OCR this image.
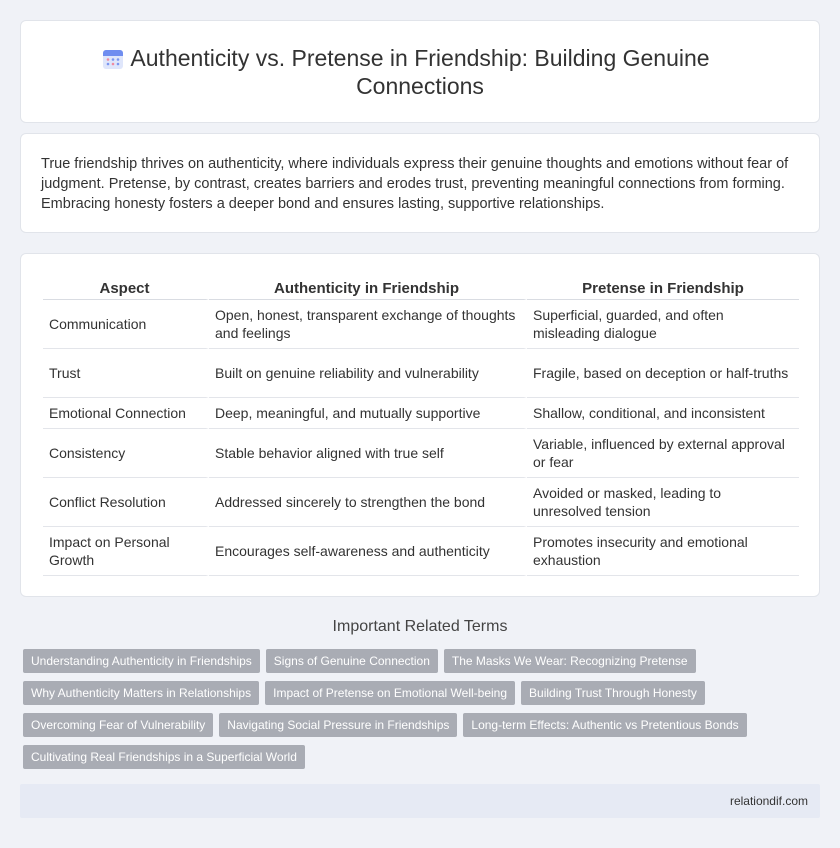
Authenticity vs. Pretense in Friendship: Building Genuine Connections

True friendship thrives on authenticity, where individuals express their genuine thoughts and emotions without fear of judgment. Pretense, by contrast, creates barriers and erodes trust, preventing meaningful connections from forming. Embracing honesty fosters a deeper bond and ensures lasting, supportive relationships.

Aspect	Authenticity in Friendship	Pretense in Friendship
Communication	Open, honest, transparent exchange of thoughts and feelings	Superficial, guarded, and often misleading dialogue
Trust	Built on genuine reliability and vulnerability	Fragile, based on deception or half-truths
Emotional Connection	Deep, meaningful, and mutually supportive	Shallow, conditional, and inconsistent
Consistency	Stable behavior aligned with true self	Variable, influenced by external approval or fear
Conflict Resolution	Addressed sincerely to strengthen the bond	Avoided or masked, leading to unresolved tension
Impact on Personal Growth	Encourages self-awareness and authenticity	Promotes insecurity and emotional exhaustion
Important Related Terms
Understanding Authenticity in Friendships	Signs of Genuine Connection	The Masks We Wear: Recognizing Pretense
Why Authenticity Matters in Relationships	Impact of Pretense on Emotional Well-being	Building Trust Through Honesty
Overcoming Fear of Vulnerability	Navigating Social Pressure in Friendships	Long-term Effects: Authentic vs Pretentious Bonds
Cultivating Real Friendships in a Superficial World
relationdif.com
